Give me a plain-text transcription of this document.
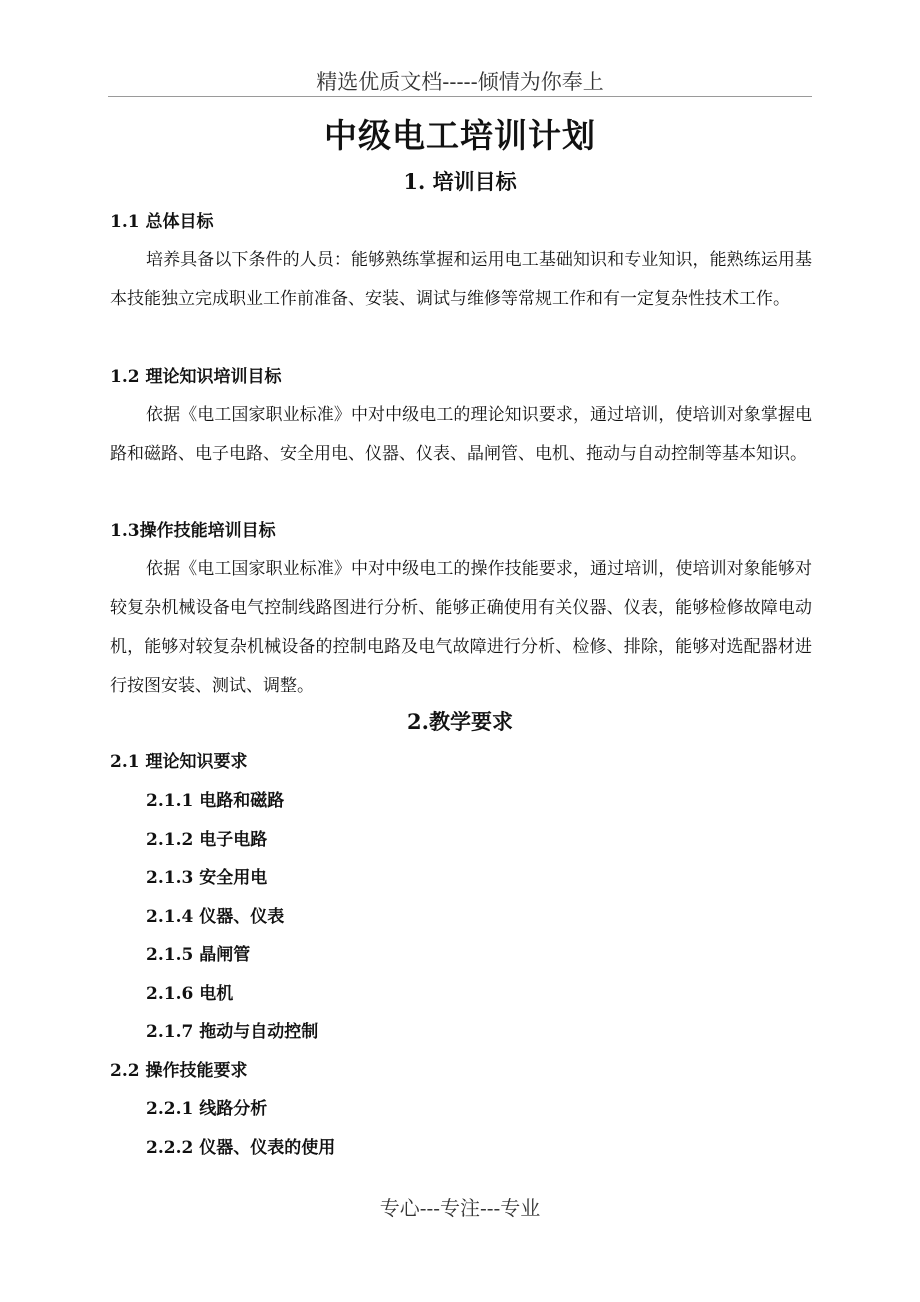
精选优质文档-----倾情为你奉上
中级电工培训计划
1. 培训目标
1.1 总体目标

培养具备以下条件的人员：能够熟练掌握和运用电工基础知识和专业知识，能熟练运用基本技能独立完成职业工作前准备、安装、调试与维修等常规工作和有一定复杂性技术工作。

1.2 理论知识培训目标

依据《电工国家职业标准》中对中级电工的理论知识要求，通过培训，使培训对象掌握电路和磁路、电子电路、安全用电、仪器、仪表、晶闸管、电机、拖动与自动控制等基本知识。

1.3操作技能培训目标

依据《电工国家职业标准》中对中级电工的操作技能要求，通过培训，使培训对象能够对较复杂机械设备电气控制线路图进行分析、能够正确使用有关仪器、仪表，能够检修故障电动机，能够对较复杂机械设备的控制电路及电气故障进行分析、检修、排除，能够对选配器材进行按图安装、测试、调整。

2.教学要求
2.1 理论知识要求
2.1.1 电路和磁路
2.1.2 电子电路
2.1.3 安全用电
2.1.4 仪器、仪表
2.1.5 晶闸管
2.1.6 电机
2.1.7 拖动与自动控制
2.2 操作技能要求
2.2.1 线路分析
2.2.2 仪器、仪表的使用
专心---专注---专业
